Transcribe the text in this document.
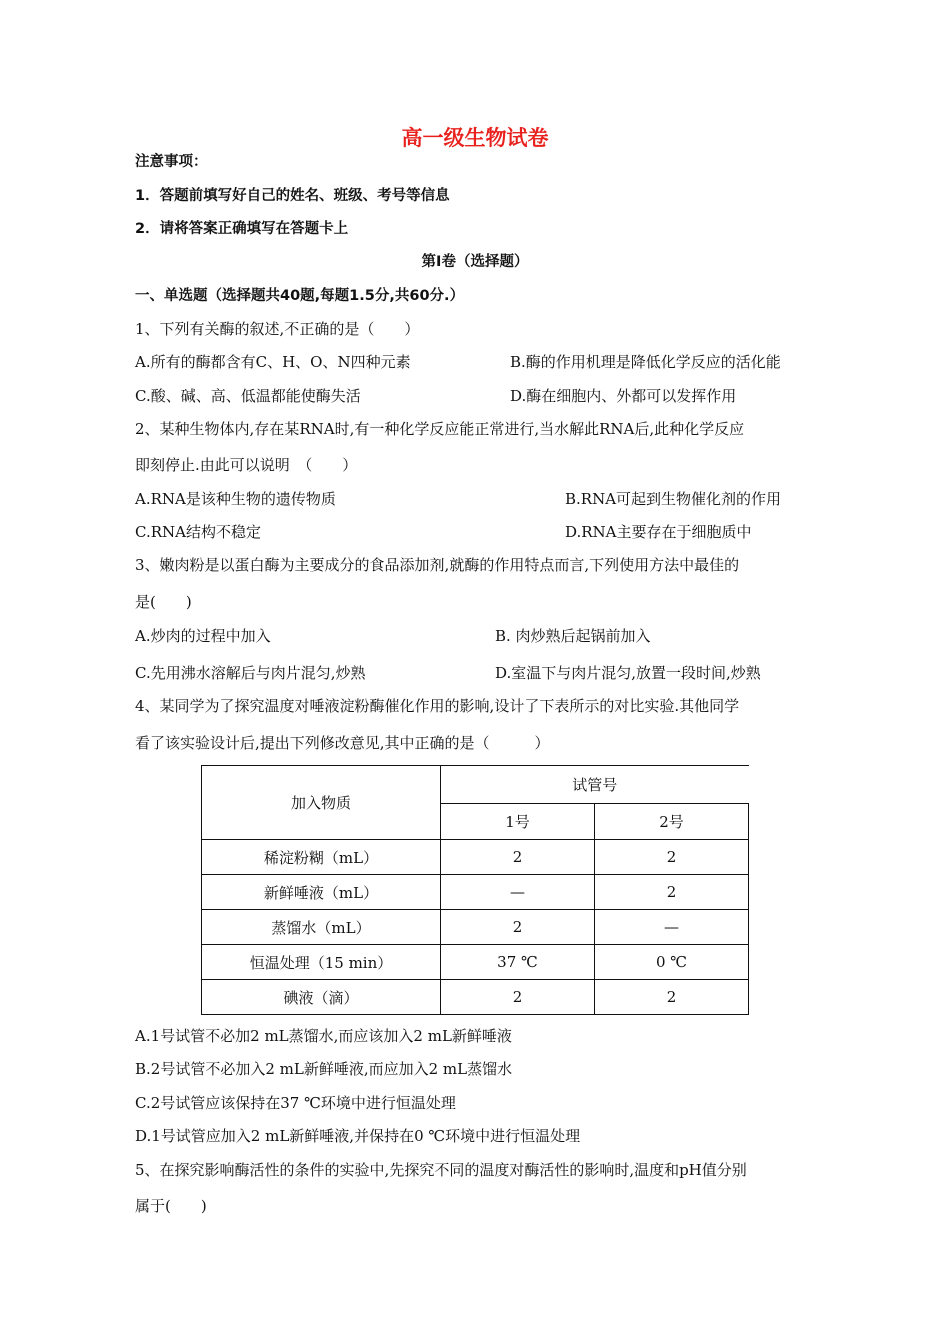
高一级生物试卷
注意事项：
1．答题前填写好自己的姓名、班级、考号等信息
2．请将答案正确填写在答题卡上
第I卷（选择题）
一、单选题（选择题共40题,每题1.5分,共60分.）
1、下列有关酶的叙述,不正确的是（　　）
A.所有的酶都含有C、H、O、N四种元素	B.酶的作用机理是降低化学反应的活化能
C.酸、碱、高、低温都能使酶失活	D.酶在细胞内、外都可以发挥作用
2、某种生物体内,存在某RNA时,有一种化学反应能正常进行,当水解此RNA后,此种化学反应
即刻停止.由此可以说明　（　　）
A.RNA是该种生物的遗传物质	B.RNA可起到生物催化剂的作用
C.RNA结构不稳定	D.RNA主要存在于细胞质中
3、嫩肉粉是以蛋白酶为主要成分的食品添加剂,就酶的作用特点而言,下列使用方法中最佳的
是(　　)
A.炒肉的过程中加入	B. 肉炒熟后起锅前加入
C.先用沸水溶解后与肉片混匀,炒熟	D.室温下与肉片混匀,放置一段时间,炒熟
4、某同学为了探究温度对唾液淀粉酶催化作用的影响,设计了下表所示的对比实验.其他同学
看了该实验设计后,提出下列修改意见,其中正确的是（　　　）
加入物质	试管号	
	1号	2号
稀淀粉糊（mL）	2	2
新鲜唾液（mL）	—	2
蒸馏水（mL）	2	—
恒温处理（15 min）	37 ℃	0 ℃
碘液（滴）	2	2
A.1号试管不必加2 mL蒸馏水,而应该加入2 mL新鲜唾液
B.2号试管不必加入2 mL新鲜唾液,而应加入2 mL蒸馏水
C.2号试管应该保持在37 ℃环境中进行恒温处理
D.1号试管应加入2 mL新鲜唾液,并保持在0 ℃环境中进行恒温处理
5、在探究影响酶活性的条件的实验中,先探究不同的温度对酶活性的影响时,温度和pH值分别
属于(　　)
